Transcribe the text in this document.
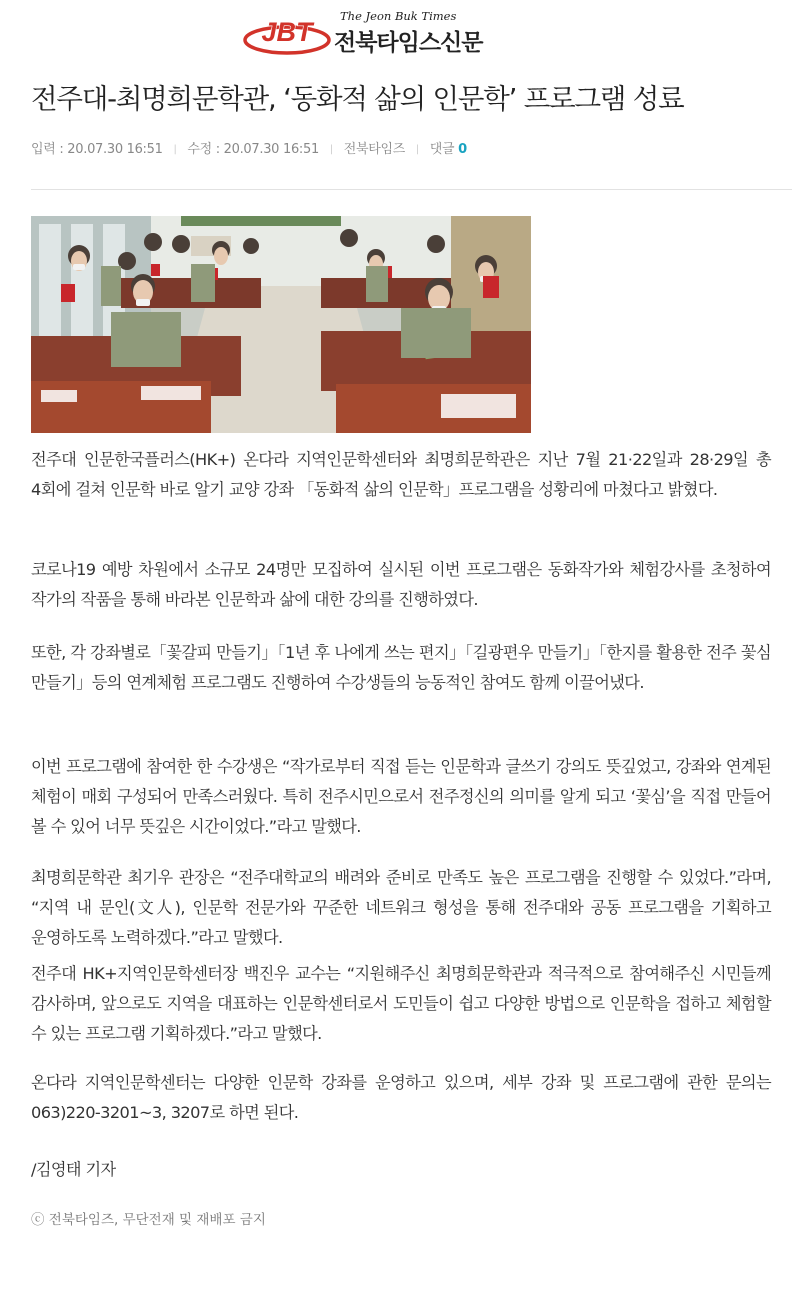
JBT
The Jeon Buk Times
전북타임스신문
전주대-최명희문학관, ‘동화적 삶의 인문학’ 프로그램 성료
입력 : 20.07.30 16:51 | 수정 : 20.07.30 16:51 | 전북타임즈 | 댓글 0

전주대 인문한국플러스(HK+) 온다라 지역인문학센터와 최명희문학관은 지난 7월 21·22일과 28·29일 총 4회에 걸쳐 인문학 바로 알기 교양 강좌 「동화적 삶의 인문학」프로그램을 성황리에 마쳤다고 밝혔다.

코로나19 예방 차원에서 소규모 24명만 모집하여 실시된 이번 프로그램은 동화작가와 체험강사를 초청하여 작가의 작품을 통해 바라본 인문학과 삶에 대한 강의를 진행하였다.

또한, 각 강좌별로「꽃갈피 만들기」「1년 후 나에게 쓰는 편지」「길광편우 만들기」「한지를 활용한 전주 꽃심 만들기」등의 연계체험 프로그램도 진행하여 수강생들의 능동적인 참여도 함께 이끌어냈다.

이번 프로그램에 참여한 한 수강생은 “작가로부터 직접 듣는 인문학과 글쓰기 강의도 뜻깊었고, 강좌와 연계된 체험이 매회 구성되어 만족스러웠다. 특히 전주시민으로서 전주정신의 의미를 알게 되고 ‘꽃심’을 직접 만들어 볼 수 있어 너무 뜻깊은 시간이었다.”라고 말했다.

최명희문학관 최기우 관장은 “전주대학교의 배려와 준비로 만족도 높은 프로그램을 진행할 수 있었다.”라며, “지역 내 문인(文人), 인문학 전문가와 꾸준한 네트워크 형성을 통해 전주대와 공동 프로그램을 기획하고 운영하도록 노력하겠다.”라고 말했다.

전주대 HK+지역인문학센터장 백진우 교수는 “지원해주신 최명희문학관과 적극적으로 참여해주신 시민들께 감사하며, 앞으로도 지역을 대표하는 인문학센터로서 도민들이 쉽고 다양한 방법으로 인문학을 접하고 체험할 수 있는 프로그램 기획하겠다.”라고 말했다.

온다라 지역인문학센터는 다양한 인문학 강좌를 운영하고 있으며, 세부 강좌 및 프로그램에 관한 문의는 063)220-3201~3, 3207로 하면 된다.

/김영태 기자

ⓒ 전북타임즈, 무단전재 및 재배포 금지
